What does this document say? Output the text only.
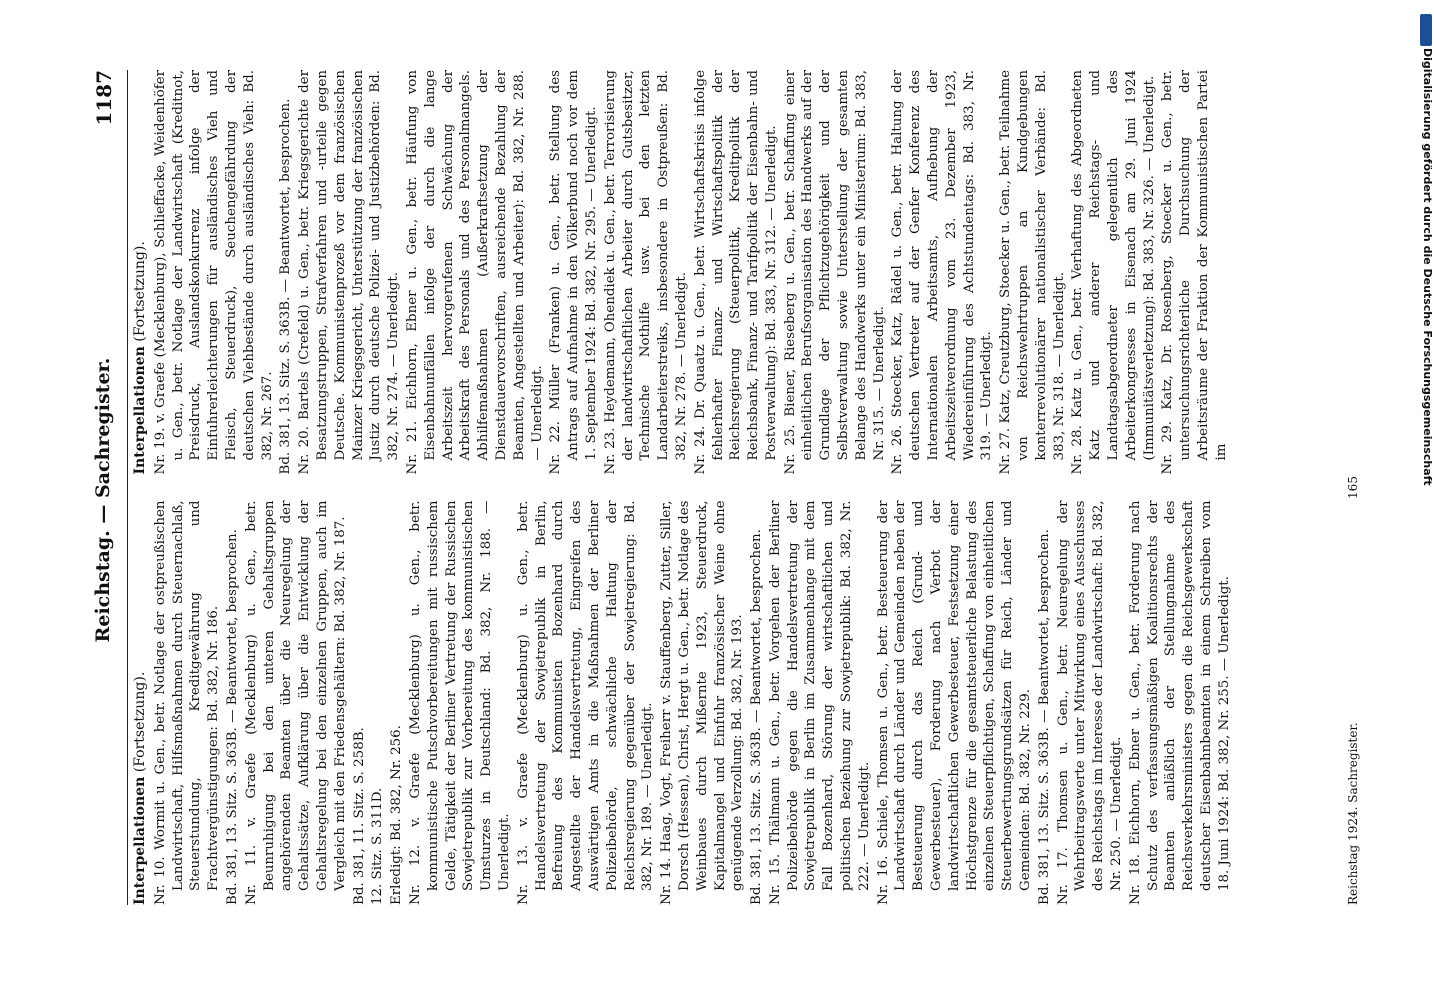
Reichstag. — Sachregister.
1187
Interpellationen (Fortsetzung). Nr. 10. Wormit u. Gen., betr. Notlage der ostpreußischen Landwirtschaft, Hilfsmaßnahmen durch Steuernachlaß, Steuerstundung, Kreditgewährung und Frachtvergünstigungen: Bd. 382, Nr. 186. Bd. 381, 13. Sitz. S. 363B. — Beantwortet, besprochen. Nr. 11. v. Graefe (Mecklenburg) u. Gen., betr. Beunruhigung bei den unteren Gehaltsgruppen angehörenden Beamten über die Neuregelung der Gehaltssätze, Aufklärung über die Entwicklung der Gehaltsregelung bei den einzelnen Gruppen, auch im Vergleich mit den Friedensgehältern: Bd. 382, Nr. 187. Bd. 381, 11. Sitz. S. 258B. 12. Sitz. S. 311D. Erledigt: Bd. 382, Nr. 256. Nr. 12. v. Graefe (Mecklenburg) u. Gen., betr. kommunistische Putschvorbereitungen mit russischem Gelde, Tätigkeit der Berliner Vertretung der Russischen Sowjetrepublik zur Vorbereitung des kommunistischen Umsturzes in Deutschland: Bd. 382, Nr. 188. — Unerledigt. Nr. 13. v. Graefe (Mecklenburg) u. Gen., betr. Handelsvertretung der Sowjetrepublik in Berlin, Befreiung des Kommunisten Bozenhard durch Angestellte der Handelsvertretung, Eingreifen des Auswärtigen Amts in die Maßnahmen der Berliner Polizeibehörde, schwächliche Haltung der Reichsregierung gegenüber der Sowjetregierung: Bd. 382, Nr. 189. — Unerledigt. Nr. 14. Haag, Vogt, Freiherr v. Stauffenberg, Zutter, Siller, Dorsch (Hessen), Christ, Hergt u. Gen., betr. Notlage des Weinbaues durch Mißernte 1923, Steuerdruck, Kapitalmangel und Einfuhr französischer Weine ohne genügende Verzollung: Bd. 382, Nr. 193. Bd. 381, 13. Sitz. S. 363B. — Beantwortet, besprochen. Nr. 15. Thälmann u. Gen., betr. Vorgehen der Berliner Polizeibehörde gegen die Handelsvertretung der Sowjetrepublik in Berlin im Zusammenhange mit dem Fall Bozenhard, Störung der wirtschaftlichen und politischen Beziehung zur Sowjetrepublik: Bd. 382, Nr. 222. — Unerledigt. Nr. 16. Schiele, Thomsen u. Gen., betr. Besteuerung der Landwirtschaft durch Länder und Gemeinden neben der Besteuerung durch das Reich (Grund- und Gewerbesteuer), Forderung nach Verbot der landwirtschaftlichen Gewerbesteuer, Festsetzung einer Höchstgrenze für die gesamtsteuerliche Belastung des einzelnen Steuerpflichtigen, Schaffung von einheitlichen Steuerbewertungsgrundsätzen für Reich, Länder und Gemeinden: Bd. 382, Nr. 229. Bd. 381, 13. Sitz. S. 363B. — Beantwortet, besprochen. Nr. 17. Thomsen u. Gen., betr. Neuregelung der Wehrbeitragswerte unter Mitwirkung eines Ausschusses des Reichstags im Interesse der Landwirtschaft: Bd. 382, Nr. 250. — Unerledigt. Nr. 18. Eichhorn, Ebner u. Gen., betr. Forderung nach Schutz des verfassungsmäßigen Koalitionsrechts der Beamten anläßlich der Stellungnahme des Reichsverkehrsministers gegen die Reichsgewerkschaft deutscher Eisenbahnbeamten in einem Schreiben vom 18. Juni 1924: Bd. 382, Nr. 255. — Unerledigt.
Interpellationen (Fortsetzung). Nr. 19. v. Graefe (Mecklenburg), Schlieffacke, Weidenhöfer u. Gen., betr. Notlage der Landwirtschaft (Kreditnot, Preisdruck, Auslandskonkurrenz infolge der Einfuhrerleichterungen für ausländisches Vieh und Fleisch, Steuerdruck), Seuchengefährdung der deutschen Viehbestände durch ausländisches Vieh: Bd. 382, Nr. 267. Bd. 381, 13. Sitz. S. 363B. — Beantwortet, besprochen. Nr. 20. Bartels (Crefeld) u. Gen., betr. Kriegsgerichte der Besatzungstruppen, Strafverfahren und -urteile gegen Deutsche. Kommunistenprozeß vor dem französischen Mainzer Kriegsgericht, Unterstützung der französischen Justiz durch deutsche Polizei- und Justizbehörden: Bd. 382, Nr. 274. — Unerledigt. Nr. 21. Eichhorn, Ebner u. Gen., betr. Häufung von Eisenbahnunfällen infolge der durch die lange Arbeitszeit hervorgerufenen Schwächung der Arbeitskraft des Personals und des Personalmangels. Abhilfemaßnahmen (Außerkraftsetzung der Dienstdauervorschriften, ausreichende Bezahlung der Beamten, Angestellten und Arbeiter): Bd. 382, Nr. 288. — Unerledigt. Nr. 22. Müller (Franken) u. Gen., betr. Stellung des Antrags auf Aufnahme in den Völkerbund noch vor dem 1. September 1924: Bd. 382, Nr. 295. — Unerledigt. Nr. 23. Heydemann, Ohendiek u. Gen., betr. Terrorisierung der landwirtschaftlichen Arbeiter durch Gutsbesitzer, Technische Nothilfe usw. bei den letzten Landarbeiterstreiks, insbesondere in Ostpreußen: Bd. 382, Nr. 278. — Unerledigt. Nr. 24. Dr. Quaatz u. Gen., betr. Wirtschaftskrisis infolge fehlerhafter Finanz- und Wirtschaftspolitik der Reichsregierung (Steuerpolitik, Kreditpolitik der Reichsbank, Finanz- und Tarifpolitik der Eisenbahn- und Postverwaltung): Bd. 383, Nr. 312. — Unerledigt. Nr. 25. Biener, Rieseberg u. Gen., betr. Schaffung einer einheitlichen Berufsorganisation des Handwerks auf der Grundlage der Pflichtzugehörigkeit und der Selbstverwaltung sowie Unterstellung der gesamten Belange des Handwerks unter ein Ministerium: Bd. 383, Nr. 315. — Unerledigt. Nr. 26. Stoecker, Katz, Rädel u. Gen., betr. Haltung der deutschen Vertreter auf der Genfer Konferenz des Internationalen Arbeitsamts, Aufhebung der Arbeitszeitverordnung vom 23. Dezember 1923, Wiedereinführung des Achtstundentags: Bd. 383, Nr. 319. — Unerledigt. Nr. 27. Katz, Creutzburg, Stoecker u. Gen., betr. Teilnahme von Reichswehrtruppen an Kundgebungen konterrevolutionärer nationalistischer Verbände: Bd. 383, Nr. 318. — Unerledigt. Nr. 28. Katz u. Gen., betr. Verhaftung des Abgeordneten Katz und anderer Reichstags- und Landtagsabgeordneter gelegentlich des Arbeiterkongresses in Eisenach am 29. Juni 1924 (Immunitätsverletzung): Bd. 383, Nr. 326. — Unerledigt. Nr. 29. Katz, Dr. Rosenberg, Stoecker u. Gen., betr. untersuchungsrichterliche Durchsuchung der Arbeitsräume der Fraktion der Kommunistischen Partei im
Reichstag 1924. Sachregister.
165
Digitalisierung gefördert durch die Deutsche Forschungsgemeinschaft
